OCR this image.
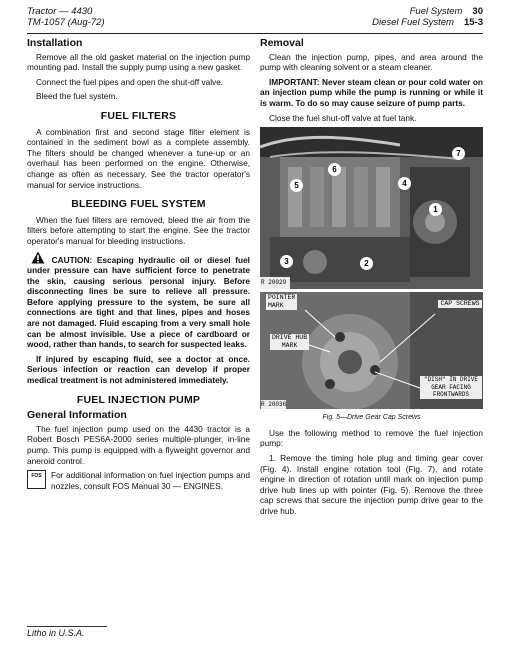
Tractor — 4430
TM-1057 (Aug-72)
Fuel System 30
Diesel Fuel System 15-3
Installation

Remove all the old gasket material on the injection pump mounting pad. Install the supply pump using a new gasket.

Connect the fuel pipes and open the shut-off valve.

Bleed the fuel system.

FUEL FILTERS

A combination first and second stage filter element is contained in the sediment bowl as a complete assembly. The filters should be changed whenever a tune-up or an overhaul has been performed on the engine. Otherwise, change as often as necessary. See the tractor operator's manual for service instructions.

BLEEDING FUEL SYSTEM

When the fuel filters are removed, bleed the air from the filters before attempting to start the engine. See the tractor operator's manual for bleeding instructions.

CAUTION: Escaping hydraulic oil or diesel fuel under pressure can have sufficient force to penetrate the skin, causing serious personal injury. Before disconnecting lines be sure to relieve all pressure. Before applying pressure to the system, be sure all connections are tight and that lines, pipes and hoses are not damaged. Fluid escaping from a very small hole can be almost invisible. Use a piece of cardboard or wood, rather than hands, to search for suspected leaks.

If injured by escaping fluid, see a doctor at once. Serious infection or reaction can develop if proper medical treatment is not administered immediately.

FUEL INJECTION PUMP
General Information

The fuel injection pump used on the 4430 tractor is a Robert Bosch PES6A-2000 series multiple-plunger, in-line pump. This pump is equipped with a flyweight governor and aneroid control.

FOS	For additional information on fuel injection pumps and nozzles, consult FOS Manual 30 — ENGINES.
Removal

Clean the injection pump, pipes, and area around the pump with cleaning solvent or a steam cleaner.

IMPORTANT: Never steam clean or pour cold water on an injection pump while the pump is running or while it is warm. To do so may cause seizure of pump parts.

Close the fuel shut-off valve at fuel tank.

7
6
4
5
1
3	2
R 20029
POINTER
MARK
DRIVE HUB
MARK
CAP SCREWS
"DISH" IN DRIVE GEAR FACING FRONTWARDS
R 20036
Fig. 5—Drive Gear Cap Screws

Use the following method to remove the fuel injection pump:

1. Remove the timing hole plug and timing gear cover (Fig. 4). Install engine rotation tool (Fig. 7), and rotate engine in direction of rotation until mark on injection pump drive hub lines up with pointer (Fig. 5). Remove the three cap screws that secure the injection pump drive gear to the drive hub.

Litho in U.S.A.
